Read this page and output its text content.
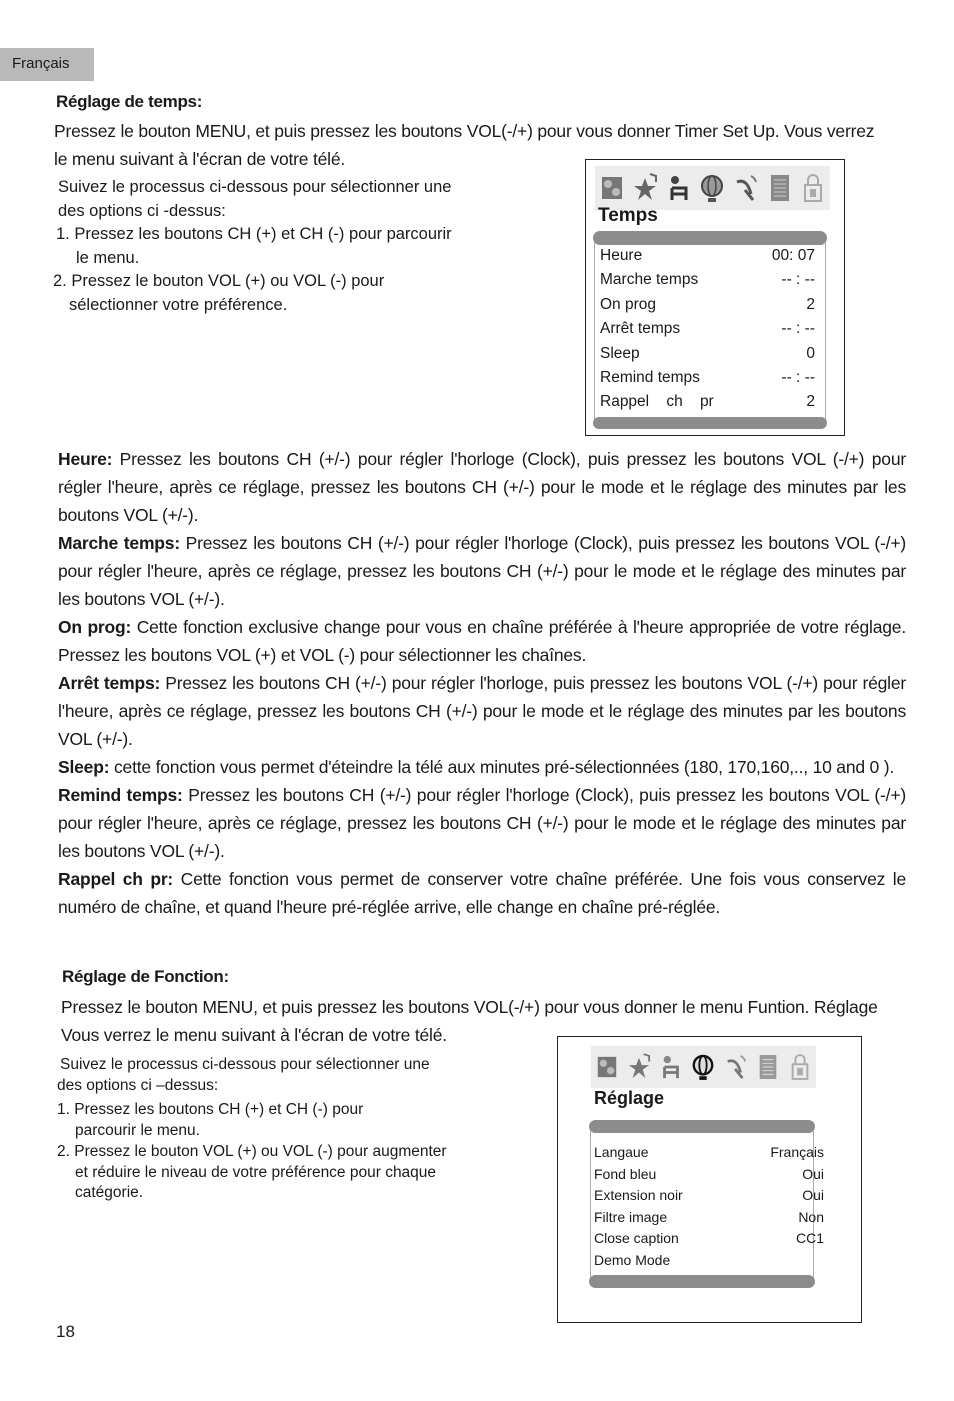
Français
Réglage de temps:
Pressez le bouton MENU, et puis pressez les boutons VOL(-/+) pour vous donner Timer Set Up. Vous verrez
le menu suivant à l'écran de votre télé.
Suivez le processus ci-dessous pour sélectionner une
des options ci -dessus:
1. Pressez les boutons CH (+) et CH (-) pour parcourir
le menu.
2. Pressez le bouton VOL (+) ou VOL (-) pour
sélectionner votre préférence.
Temps
Heure	00: 07
Marche temps	-- : --
On prog	2
Arrêt temps	-- : --
Sleep	0
Remind temps	-- : --
Rappel    ch    pr	2
Heure: Pressez les boutons CH (+/-) pour régler l'horloge (Clock), puis pressez les boutons VOL (-/+) pour régler l'heure, après ce réglage, pressez les boutons CH (+/-) pour le mode et le réglage des minutes par les boutons VOL (+/-).
Marche temps: Pressez les boutons CH (+/-) pour régler l'horloge (Clock), puis pressez les boutons VOL (-/+) pour régler l'heure, après ce réglage, pressez les boutons CH (+/-) pour le mode et le réglage des minutes par les boutons VOL (+/-).
On prog: Cette fonction exclusive change pour vous en chaîne préférée à l'heure appropriée de votre réglage. Pressez les boutons VOL (+) et VOL (-) pour sélectionner les chaînes.
Arrêt temps: Pressez les boutons CH (+/-) pour régler l'horloge, puis pressez les boutons VOL (-/+) pour régler l'heure, après ce réglage, pressez les boutons CH (+/-) pour le mode et le réglage des minutes par les boutons VOL (+/-).
Sleep: cette fonction vous permet d'éteindre la télé aux minutes pré-sélectionnées (180, 170,160,.., 10 and 0 ).
Remind temps: Pressez les boutons CH (+/-) pour régler l'horloge (Clock), puis pressez les boutons VOL (-/+) pour régler l'heure, après ce réglage, pressez les boutons CH (+/-) pour le mode et le réglage des minutes par les boutons VOL (+/-).
Rappel ch pr: Cette fonction vous permet de conserver votre chaîne préférée. Une fois vous conservez le numéro de chaîne, et quand l'heure pré-réglée arrive, elle change en chaîne pré-réglée.
Réglage de Fonction:
Pressez le bouton MENU, et puis pressez les boutons VOL(-/+) pour vous donner le menu Funtion. Réglage
Vous verrez le menu suivant à l'écran de votre télé.
Suivez le processus ci-dessous pour sélectionner une
des options ci –dessus:
1. Pressez les boutons CH (+) et CH (-) pour
parcourir le menu.
2. Pressez le bouton VOL (+) ou VOL (-) pour augmenter
et réduire le niveau de votre préférence pour chaque
catégorie.
Réglage
Langaue	Français
Fond bleu	Oui
Extension noir	Oui
Filtre image	Non
Close caption	CC1
Demo Mode
18
